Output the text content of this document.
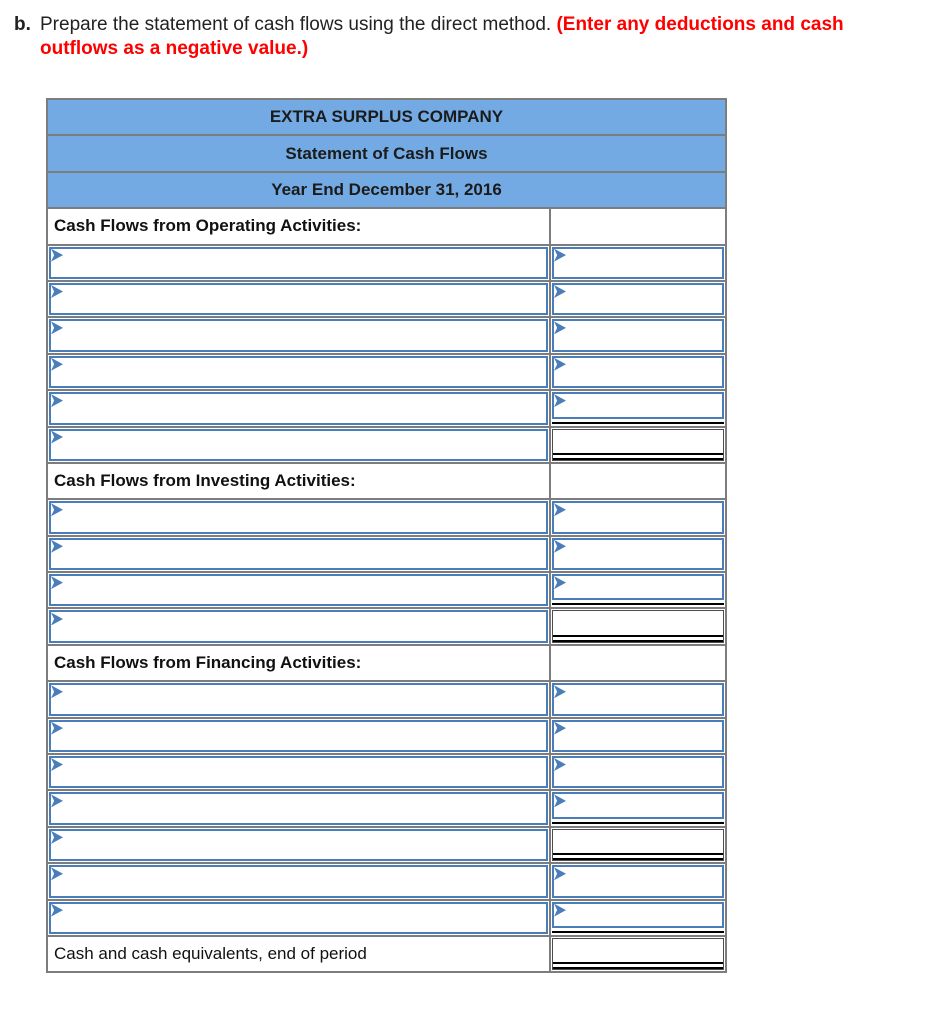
b. Prepare the statement of cash flows using the direct method. (Enter any deductions and cash outflows as a negative value.)
EXTRA SURPLUS COMPANY
Statement of Cash Flows
Year End December 31, 2016
Cash Flows from Operating Activities:
Cash Flows from Investing Activities:
Cash Flows from Financing Activities:
Cash and cash equivalents, end of period
